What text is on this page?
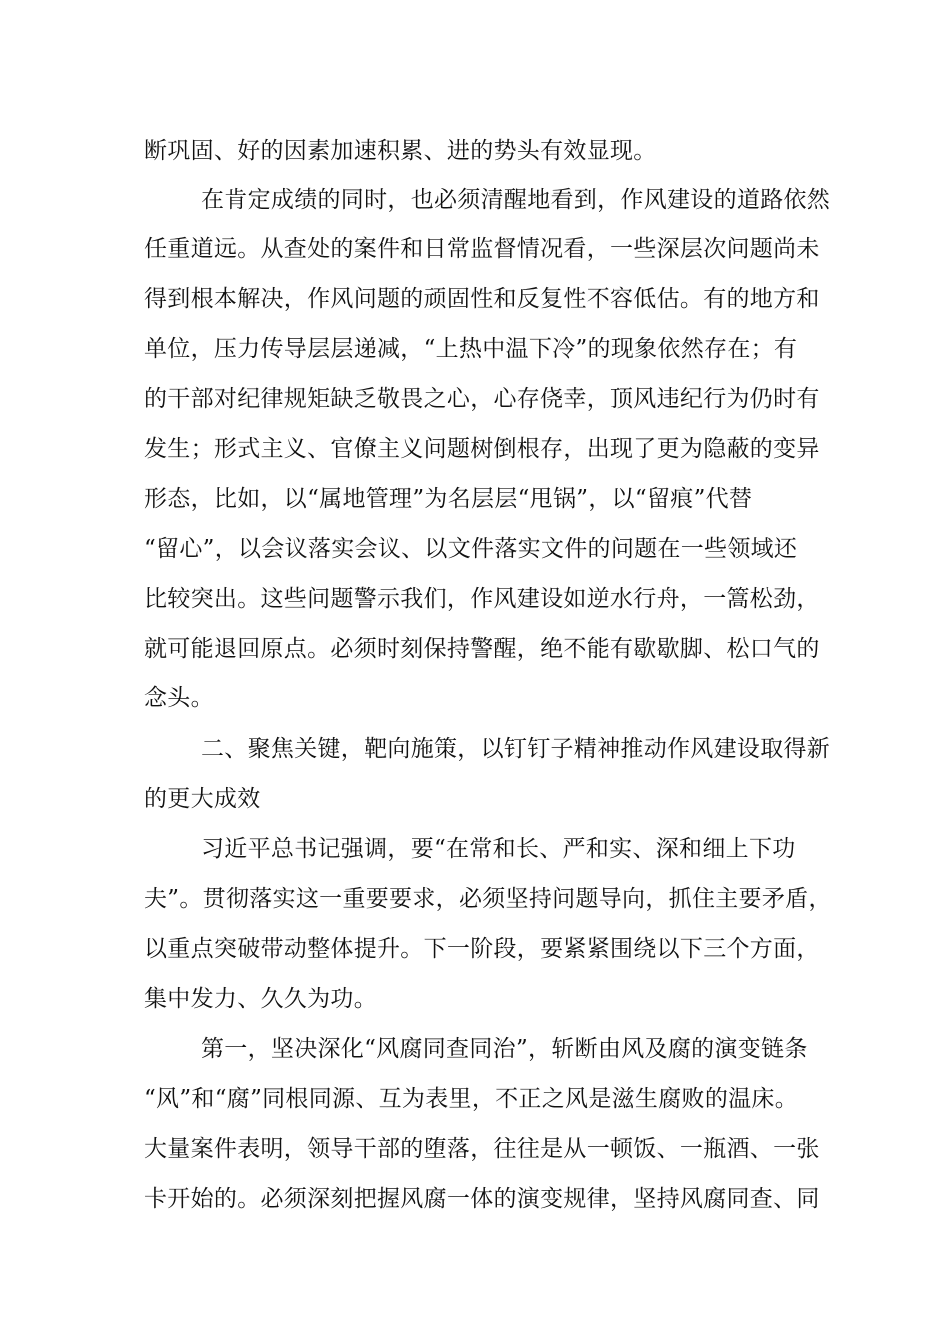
断巩固、好的因素加速积累、进的势头有效显现。

在肯定成绩的同时，也必须清醒地看到，作风建设的道路依然

任重道远。从查处的案件和日常监督情况看，一些深层次问题尚未

得到根本解决，作风问题的顽固性和反复性不容低估。有的地方和

单位，压力传导层层递减，“上热中温下冷”的现象依然存在；有

的干部对纪律规矩缺乏敬畏之心，心存侥幸，顶风违纪行为仍时有

发生；形式主义、官僚主义问题树倒根存，出现了更为隐蔽的变异

形态，比如，以“属地管理”为名层层“甩锅”，以“留痕”代替

“留心”，以会议落实会议、以文件落实文件的问题在一些领域还

比较突出。这些问题警示我们，作风建设如逆水行舟，一篙松劲，

就可能退回原点。必须时刻保持警醒，绝不能有歇歇脚、松口气的

念头。

二、聚焦关键，靶向施策，以钉钉子精神推动作风建设取得新

的更大成效

习近平总书记强调，要“在常和长、严和实、深和细上下功

夫”。贯彻落实这一重要要求，必须坚持问题导向，抓住主要矛盾，

以重点突破带动整体提升。下一阶段，要紧紧围绕以下三个方面，

集中发力、久久为功。

第一，坚决深化“风腐同查同治”，斩断由风及腐的演变链条

“风”和“腐”同根同源、互为表里，不正之风是滋生腐败的温床。

大量案件表明，领导干部的堕落，往往是从一顿饭、一瓶酒、一张

卡开始的。必须深刻把握风腐一体的演变规律，坚持风腐同查、同
